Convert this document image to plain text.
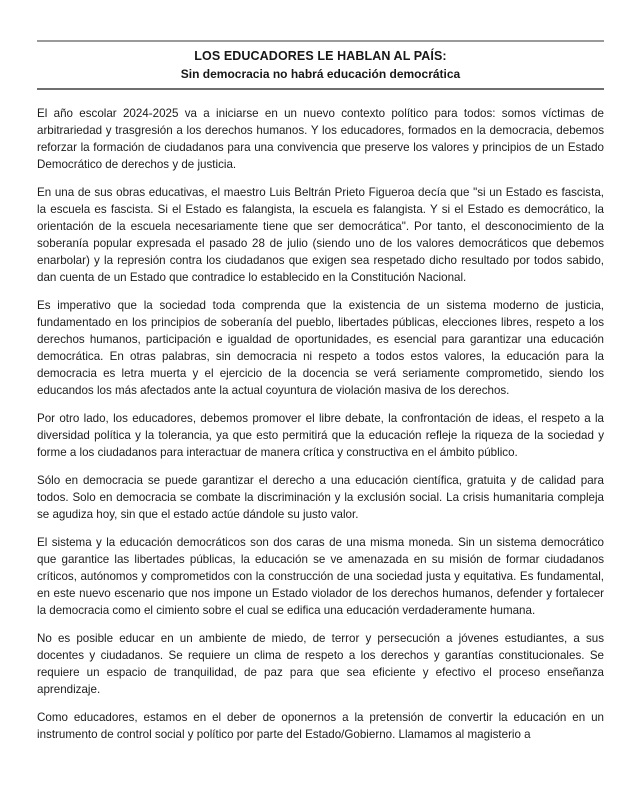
LOS EDUCADORES LE HABLAN AL PAÍS:
Sin democracia no habrá educación democrática

El año escolar 2024-2025 va a iniciarse en un nuevo contexto político para todos: somos víctimas de arbitrariedad y trasgresión a los derechos humanos. Y los educadores, formados en la democracia, debemos reforzar la formación de ciudadanos para una convivencia que preserve los valores y principios de un Estado Democrático de derechos y de justicia.

En una de sus obras educativas, el maestro Luis Beltrán Prieto Figueroa decía que "si un Estado es fascista, la escuela es fascista. Si el Estado es falangista, la escuela es falangista. Y si el Estado es democrático, la orientación de la escuela necesariamente tiene que ser democrática". Por tanto, el desconocimiento de la soberanía popular expresada el pasado 28 de julio (siendo uno de los valores democráticos que debemos enarbolar) y la represión contra los ciudadanos que exigen sea respetado dicho resultado por todos sabido, dan cuenta de un Estado que contradice lo establecido en la Constitución Nacional.

Es imperativo que la sociedad toda comprenda que la existencia de un sistema moderno de justicia, fundamentado en los principios de soberanía del pueblo, libertades públicas, elecciones libres, respeto a los derechos humanos, participación e igualdad de oportunidades, es esencial para garantizar una educación democrática. En otras palabras, sin democracia ni respeto a todos estos valores, la educación para la democracia es letra muerta y el ejercicio de la docencia se verá seriamente comprometido, siendo los educandos los más afectados ante la actual coyuntura de violación masiva de los derechos.

Por otro lado, los educadores, debemos promover el libre debate, la confrontación de ideas, el respeto a la diversidad política y la tolerancia, ya que esto permitirá que la educación refleje la riqueza de la sociedad y forme a los ciudadanos para interactuar de manera crítica y constructiva en el ámbito público.

Sólo en democracia se puede garantizar el derecho a una educación científica, gratuita y de calidad para todos. Solo en democracia se combate la discriminación y la exclusión social. La crisis humanitaria compleja se agudiza hoy, sin que el estado actúe dándole su justo valor.

El sistema y la educación democráticos son dos caras de una misma moneda. Sin un sistema democrático que garantice las libertades públicas, la educación se ve amenazada en su misión de formar ciudadanos críticos, autónomos y comprometidos con la construcción de una sociedad justa y equitativa. Es fundamental, en este nuevo escenario que nos impone un Estado violador de los derechos humanos, defender y fortalecer la democracia como el cimiento sobre el cual se edifica una educación verdaderamente humana.

No es posible educar en un ambiente de miedo, de terror y persecución a jóvenes estudiantes, a sus docentes y ciudadanos. Se requiere un clima de respeto a los derechos y garantías constitucionales. Se requiere un espacio de tranquilidad, de paz para que sea eficiente y efectivo el proceso enseñanza aprendizaje.

Como educadores, estamos en el deber de oponernos a la pretensión de convertir la educación en un instrumento de control social y político por parte del Estado/Gobierno. Llamamos al magisterio a
